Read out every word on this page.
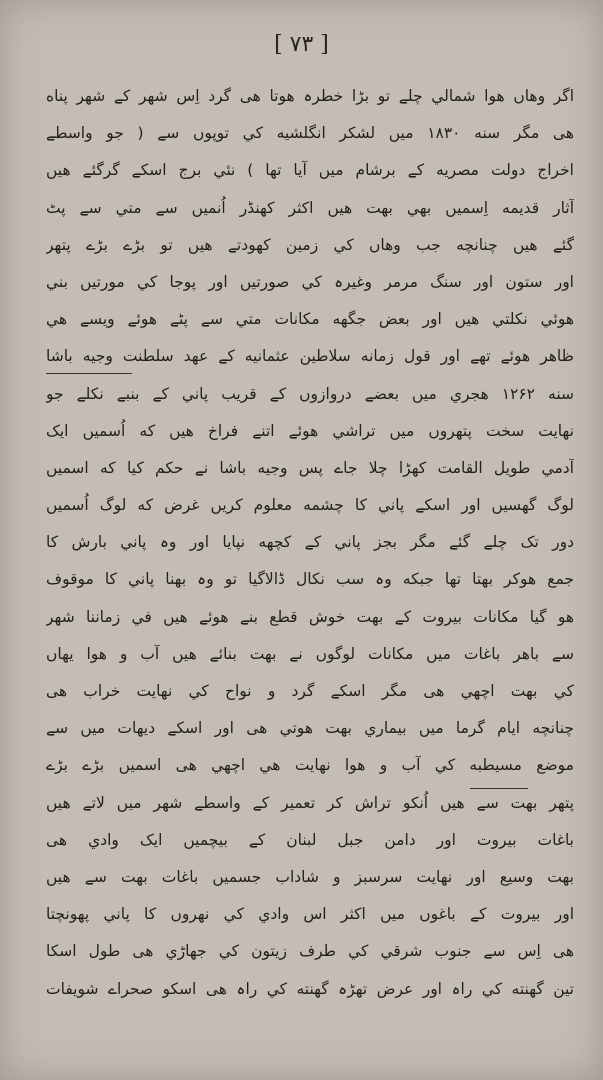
[ ٧٣ ]
اگر وهاں هوا شمالي چلے تو بڑا خطرہ هوتا هی گرد اِس شهر کے شهر پناه
هی مگر سنه ۱۸۳۰ میں لشکر انگلشیه کي توپوں سے ( جو واسطے
اخراج دولت مصریه کے برشام میں آیا تها ) نئي برج اسکے گرگئے هیں
آثار قدیمه اِسمیں بهي بهت هیں اکثر کهنڈر اُنمیں سے متي سے پٹ
گئے هیں چنانچه جب وهاں کي زمین کهودتے هیں تو بڑے بڑے پتهر
اور ستون اور سنگ مرمر وغیرہ کي صورتیں اور پوجا کي مورتیں بني
هوئي نکلتي هیں اور بعض جگهه مکانات متي سے پٹے هوئے ویسے هي
ظاهر هوئے تهے اور قول زمانه سلاطین عثمانیه کے عهد سلطنت وجیه باشا
سنه ۱۲۶۲ هجري میں بعضے دروازوں کے قریب پاني کے بنبے نکلے جو
نهایت سخت پتهروں میں تراشي هوئے اتنے فراخ هیں که اُسمیں ایک
آدمي طویل القامت کهڑا چلا جاے پس وجیه باشا نے حکم کیا که اسمیں
لوگ گهسیں اور اسکے پاني کا چشمه معلوم کریں غرض که لوگ اُسمیں
دور تک چلے گئے مگر بجز پاني کے کچهه نپایا اور وہ پاني بارش کا
جمع هوکر بهتا تها جبکه وہ سب نکال ڈالاگیا تو وہ بهنا پاني کا موقوف
هو گیا مکانات بیروت کے بهت خوش قطع بنے هوئے هیں في زماننا شهر
سے باهر باغات میں مکانات لوگوں نے بهت بنائے هیں آب و هوا یهاں
کي بهت اچهي هی مگر اسکے گرد و نواح کي نهایت خراب هی
چنانچه ایام گرما میں بیماري بهت هوتي هی اور اسکے دیهات میں سے
موضع مسیطبه کي آب و هوا نهایت هي اچهي هی اسمیں بڑے بڑے
پتهر بهت سے هیں اُنکو تراش کر تعمیر کے واسطے شهر میں لاتے هیں
باغات بیروت اور دامن جبل لبنان کے بیچمیں ایک وادي هی
بهت وسیع اور نهایت سرسبز و شاداب جسمیں باغات بهت سے هیں
اور بیروت کے باغوں میں اکثر اس وادي کي نهروں کا پاني پهونچتا
هی اِس سے جنوب شرقي کي طرف زیتون کي جهاڑي هی طول اسکا
تین گهنته کي راہ اور عرض تهڑہ گهنته کي راہ هی اسکو صحراے شویفات
